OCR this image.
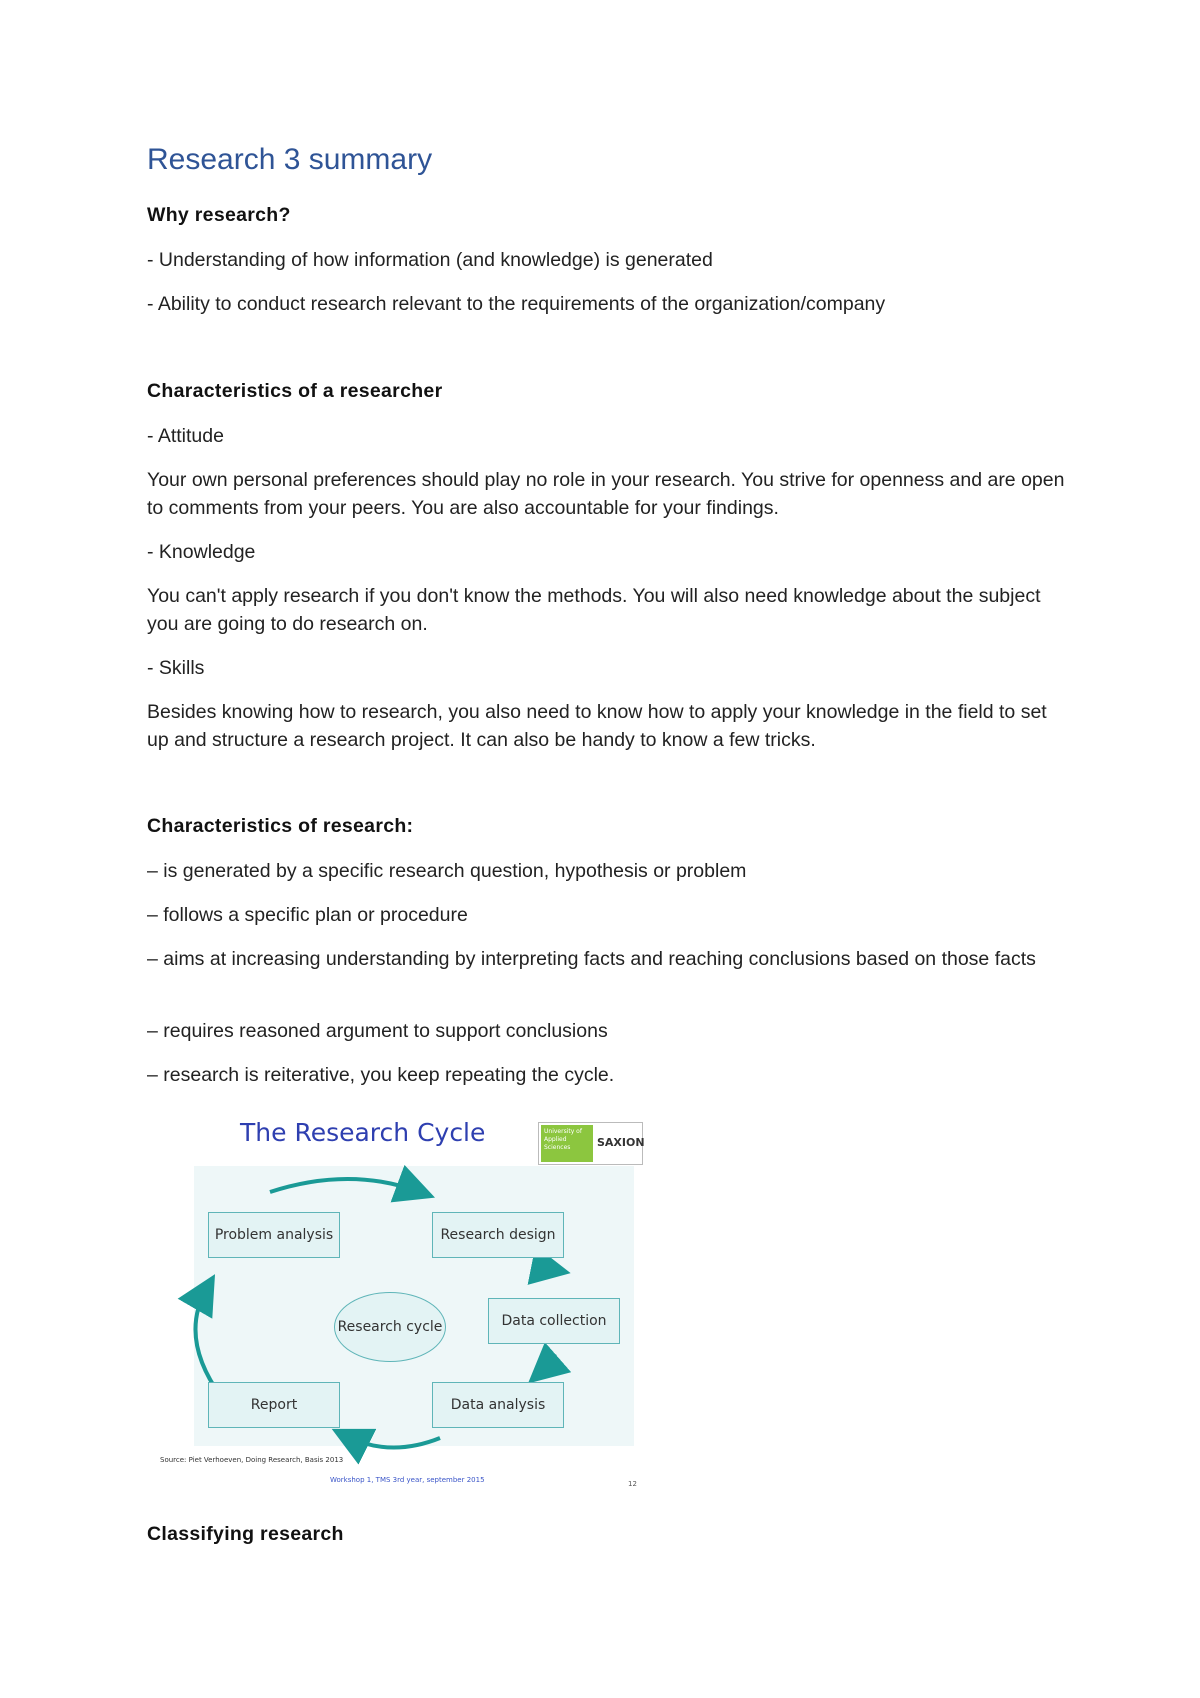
Research 3 summary
Why research?

- Understanding of how information (and knowledge) is generated

- Ability to conduct research relevant to the requirements of the organization/company

Characteristics of a researcher

- Attitude

Your own personal preferences should play no role in your research. You strive for openness and are open to comments from your peers. You are also accountable for your findings.

- Knowledge

You can't apply research if you don't know the methods. You will also need knowledge about the subject you are going to do research on.

- Skills

Besides knowing how to research, you also need to know how to apply your knowledge in the field to set up and structure a research project. It can also be handy to know a few tricks.

Characteristics of research:

– is generated by a specific research question, hypothesis or problem

– follows a specific plan or procedure

– aims at increasing understanding by interpreting facts and reaching conclusions based on those facts

– requires reasoned argument to support conclusions

– research is reiterative, you keep repeating the cycle.

The Research Cycle	University of Applied Sciences	SAXION
Problem analysis	Research design
Data collection
Data analysis
Report
Research cycle
Source: Piet Verhoeven, Doing Research, Basis 2013
Workshop 1, TMS 3rd year, september 2015	12
Classifying research
